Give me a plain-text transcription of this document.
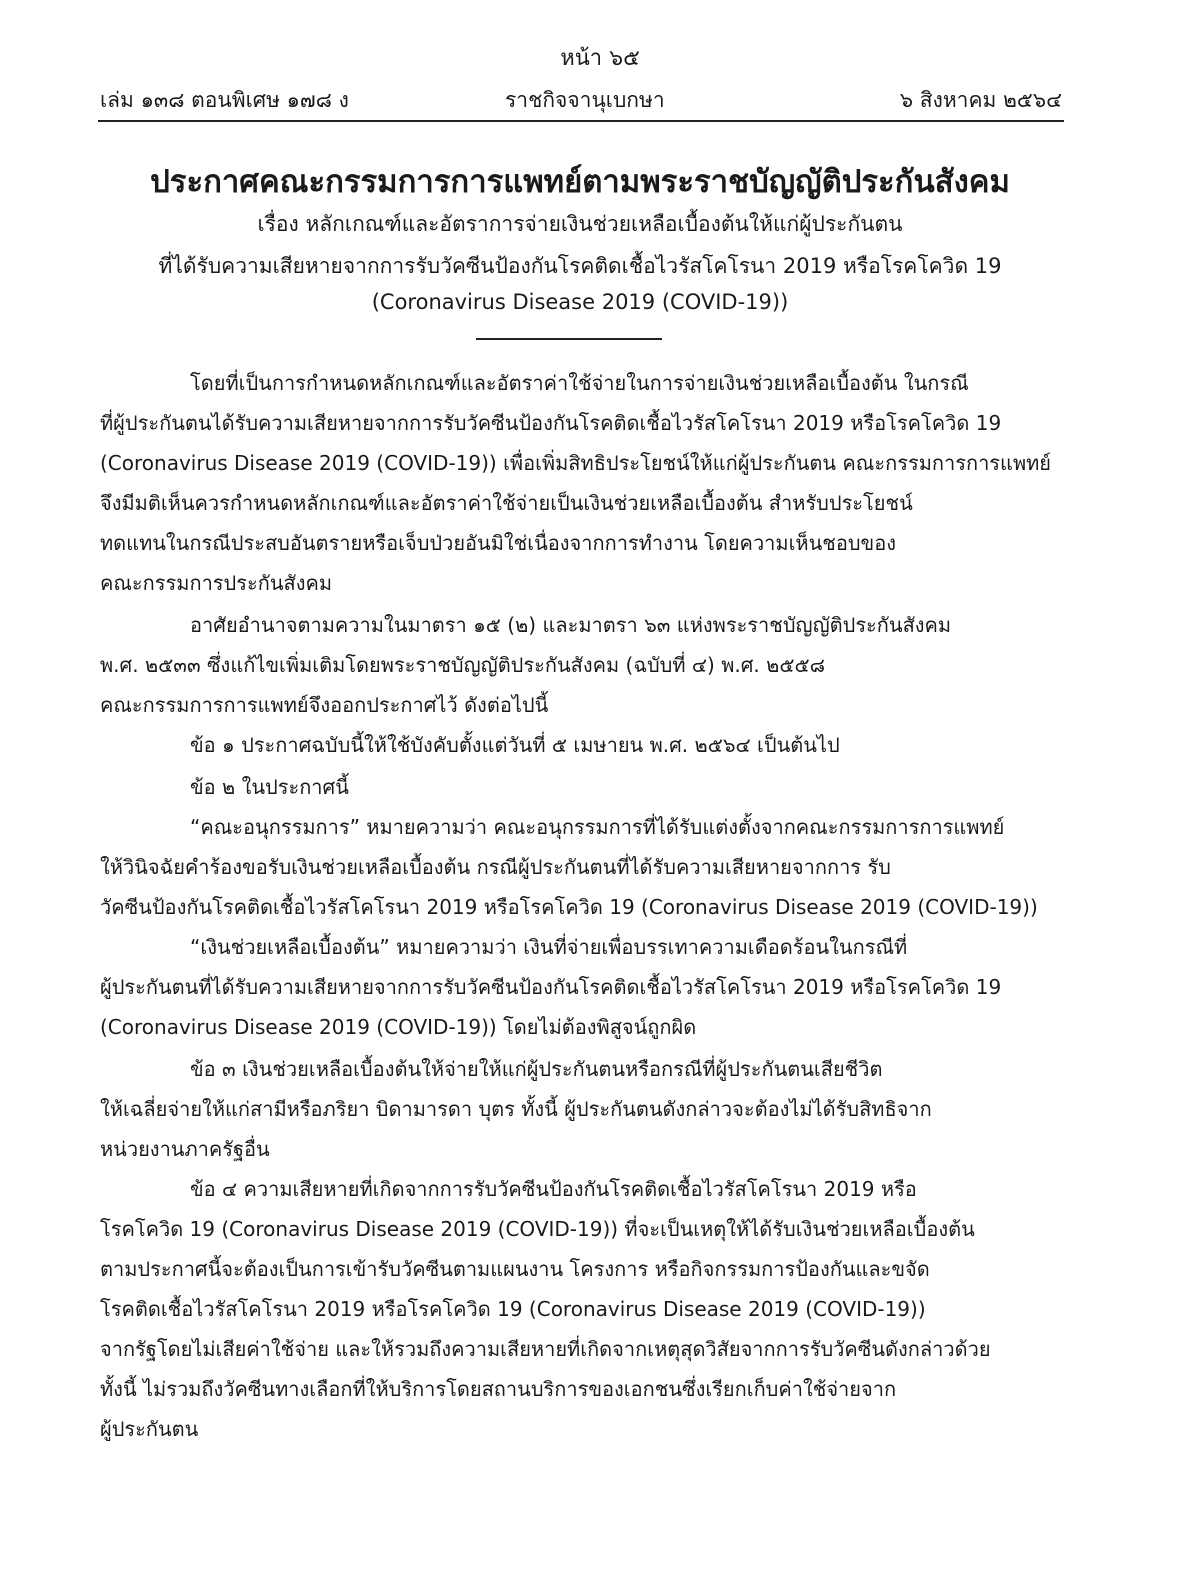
หน้า ๖๕
เล่ม ๑๓๘ ตอนพิเศษ ๑๗๘ ง	ราชกิจจานุเบกษา	๖ สิงหาคม ๒๕๖๔
ประกาศคณะกรรมการการแพทย์ตามพระราชบัญญัติประกันสังคม
เรื่อง หลักเกณฑ์และอัตราการจ่ายเงินช่วยเหลือเบื้องต้นให้แก่ผู้ประกันตน
ที่ได้รับความเสียหายจากการรับวัคซีนป้องกันโรคติดเชื้อไวรัสโคโรนา 2019 หรือโรคโควิด 19
(Coronavirus Disease 2019 (COVID-19))
โดยที่เป็นการกำหนดหลักเกณฑ์และอัตราค่าใช้จ่ายในการจ่ายเงินช่วยเหลือเบื้องต้น ในกรณี
ที่ผู้ประกันตนได้รับความเสียหายจากการรับวัคซีนป้องกันโรคติดเชื้อไวรัสโคโรนา 2019 หรือโรคโควิด 19
(Coronavirus Disease 2019 (COVID-19)) เพื่อเพิ่มสิทธิประโยชน์ให้แก่ผู้ประกันตน คณะกรรมการการแพทย์
จึงมีมติเห็นควรกำหนดหลักเกณฑ์และอัตราค่าใช้จ่ายเป็นเงินช่วยเหลือเบื้องต้น สำหรับประโยชน์
ทดแทนในกรณีประสบอันตรายหรือเจ็บป่วยอันมิใช่เนื่องจากการทำงาน โดยความเห็นชอบของ
คณะกรรมการประกันสังคม
อาศัยอำนาจตามความในมาตรา ๑๕ (๒) และมาตรา ๖๓ แห่งพระราชบัญญัติประกันสังคม
พ.ศ. ๒๕๓๓ ซึ่งแก้ไขเพิ่มเติมโดยพระราชบัญญัติประกันสังคม (ฉบับที่ ๔) พ.ศ. ๒๕๕๘
คณะกรรมการการแพทย์จึงออกประกาศไว้ ดังต่อไปนี้
ข้อ ๑ ประกาศฉบับนี้ให้ใช้บังคับตั้งแต่วันที่ ๕ เมษายน พ.ศ. ๒๕๖๔ เป็นต้นไป
ข้อ ๒ ในประกาศนี้
“คณะอนุกรรมการ” หมายความว่า คณะอนุกรรมการที่ได้รับแต่งตั้งจากคณะกรรมการการแพทย์
ให้วินิจฉัยคำร้องขอรับเงินช่วยเหลือเบื้องต้น กรณีผู้ประกันตนที่ได้รับความเสียหายจากการ รับ
วัคซีนป้องกันโรคติดเชื้อไวรัสโคโรนา 2019 หรือโรคโควิด 19 (Coronavirus Disease 2019 (COVID-19))
“เงินช่วยเหลือเบื้องต้น” หมายความว่า เงินที่จ่ายเพื่อบรรเทาความเดือดร้อนในกรณีที่
ผู้ประกันตนที่ได้รับความเสียหายจากการรับวัคซีนป้องกันโรคติดเชื้อไวรัสโคโรนา 2019 หรือโรคโควิด 19
(Coronavirus Disease 2019 (COVID-19)) โดยไม่ต้องพิสูจน์ถูกผิด
ข้อ ๓ เงินช่วยเหลือเบื้องต้นให้จ่ายให้แก่ผู้ประกันตนหรือกรณีที่ผู้ประกันตนเสียชีวิต
ให้เฉลี่ยจ่ายให้แก่สามีหรือภริยา บิดามารดา บุตร ทั้งนี้ ผู้ประกันตนดังกล่าวจะต้องไม่ได้รับสิทธิจาก
หน่วยงานภาครัฐอื่น
ข้อ ๔ ความเสียหายที่เกิดจากการรับวัคซีนป้องกันโรคติดเชื้อไวรัสโคโรนา 2019 หรือ
โรคโควิด 19 (Coronavirus Disease 2019 (COVID-19)) ที่จะเป็นเหตุให้ได้รับเงินช่วยเหลือเบื้องต้น
ตามประกาศนี้จะต้องเป็นการเข้ารับวัคซีนตามแผนงาน โครงการ หรือกิจกรรมการป้องกันและขจัด
โรคติดเชื้อไวรัสโคโรนา 2019 หรือโรคโควิด 19 (Coronavirus Disease 2019 (COVID-19))
จากรัฐโดยไม่เสียค่าใช้จ่าย และให้รวมถึงความเสียหายที่เกิดจากเหตุสุดวิสัยจากการรับวัคซีนดังกล่าวด้วย
ทั้งนี้ ไม่รวมถึงวัคซีนทางเลือกที่ให้บริการโดยสถานบริการของเอกชนซึ่งเรียกเก็บค่าใช้จ่ายจาก
ผู้ประกันตน
